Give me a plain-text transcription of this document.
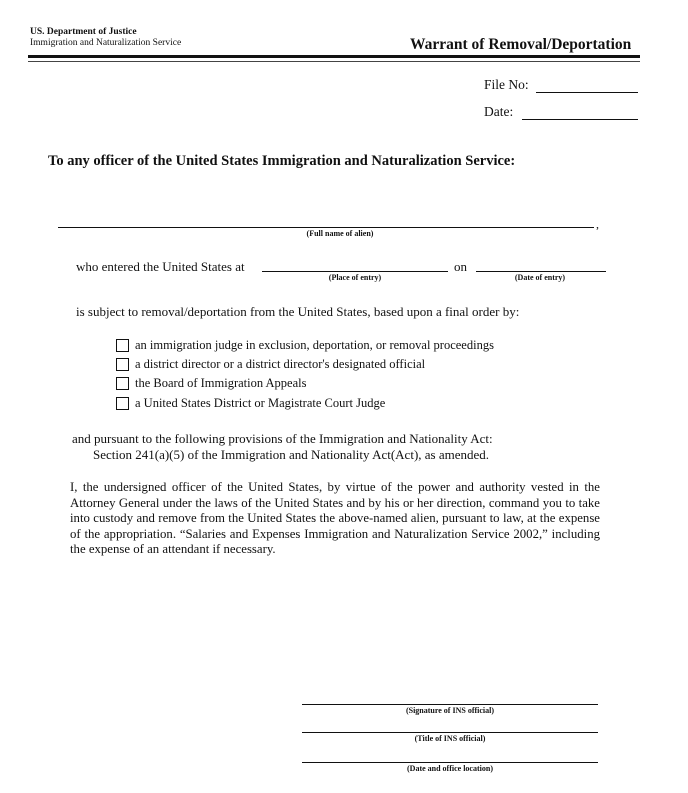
US. Department of Justice
Immigration and Naturalization Service	Warrant of Removal/Deportation
File No:
Date:
To any officer of the United States Immigration and Naturalization Service:
,
(Full name of alien)
who entered the United States at
(Place of entry)
on
(Date of entry)
is subject to removal/deportation from the United States, based upon a final order by:
an immigration judge in exclusion, deportation, or removal proceedings
a district director or a district director's designated official
the Board of Immigration Appeals
a United States District or Magistrate Court Judge
and pursuant to the following provisions of the Immigration and Nationality Act:
Section 241(a)(5) of the Immigration and Nationality Act(Act), as amended.
I, the undersigned officer of the United States, by virtue of the power and authority vested in the Attorney General under the laws of the United States and by his or her direction, command you to take into custody and remove from the United States the above-named alien, pursuant to law, at the expense of the appropriation. “Salaries and Expenses Immigration and Naturalization Service 2002,” including the expense of an attendant if necessary.
(Signature of INS official)
(Title of INS official)
(Date and office location)
